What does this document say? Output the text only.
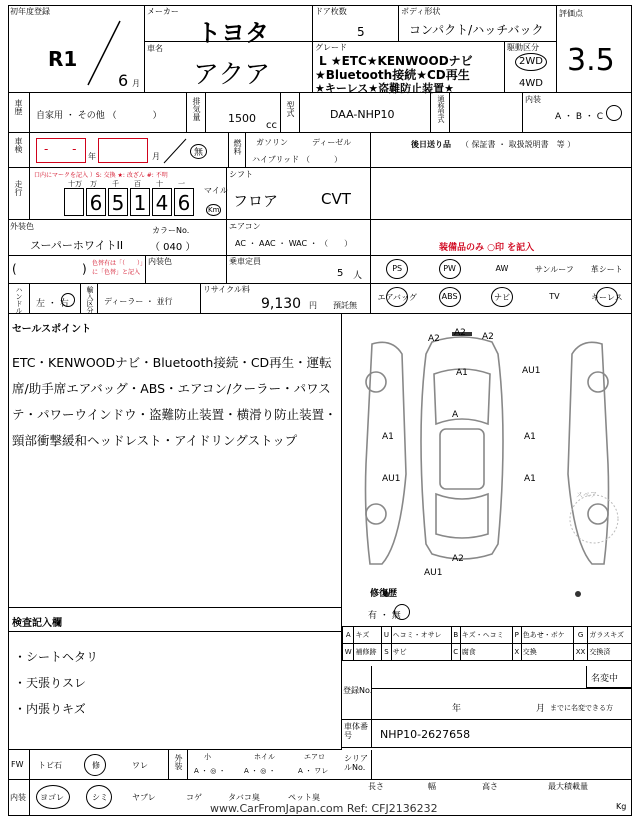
初年度登録
R1
6 月
メーカー
トヨタ
ドア枚数
5
ボディ形状
コンパクト/ハッチバック
評価点
3.5
車名
アクア
グレード
L ★ETC★KENWOODナビ
★Bluetooth接続★CD再生
★キーレス★盗難防止装置★
駆動区分
2WD
4WD
車歴
自家用 ・ その他 （　　　　）	排気量 1500
cc
型式	DAA-NHP10	通称型式	内装
A ・ B ・ C
車検 - -
年	月	無	燃料 ガソリン	ディーゼル
ハイブリッド （　　　）
後日送り品 （ 保証書 ・ 取扱説明書　等 ）
走行
口内にマークを記入 ）S: 交換 ★: 改ざん #: 不明
十万
6
万
5
千
1
百
4
十
6
一
マイル
Km
シフト
フロア	CVT
外装色
スーパーホワイトII
カラーNo.
（ 040 ）
エアコン
AC ・ AAC ・ WAC ・ （　　）	装備品のみ ○印 を記入
(	) 色替有は「（　　）」
に「色替」と記入
内装色	乗車定員
5 人
PS	PW	AW	サンルーフ	革シート
ハンドル 左 ・ 右 輸入区分 ディーラー ・ 並行
リサイクル料
9,130 円 預託無
エアバッグ	ABS	ナビ	TV	キーレス
セールスポイント
ETC・KENWOODナビ・Bluetooth接続・CD再生・運転席/助手席エアバッグ・ABS・エアコン/クーラー・パワステ・パワーウインドウ・盗難防止装置・横滑り防止装置・頸部衝撃緩和ヘッドレスト・アイドリングストップ
A2
A2 A2
A1	AU1
A
A1	A1
AU1	A1
A2
AU1
スペア
修復歴
有 ・ 無
検査記入欄
・シートヘタリ
・天張りスレ
・内張りキズ
A	キズ	U	ヘコミ・オサレ	B	キズ・ヘコミ	P	色あせ・ボケ	G	ガラスキズ
W	補修跡	S	サビ	C	腐食	X	交換	XX	交換済
登録No.
名変中
年	月 までに名変できる方
車体番号	NHP10-2627658
FW トビ石	修	ワレ	外装	小
A ・ ◎ ・
ホイル
A ・ ◎ ・
エアロ
A ・ ワレ
内装 ヨゴレ	シミ	ヤブレ	コゲ	タバコ臭	ペット臭
シリアルNo.
長さ	幅	高さ	最大積載量
Kg
www.CarFromJapan.com Ref: CFJ2136232
